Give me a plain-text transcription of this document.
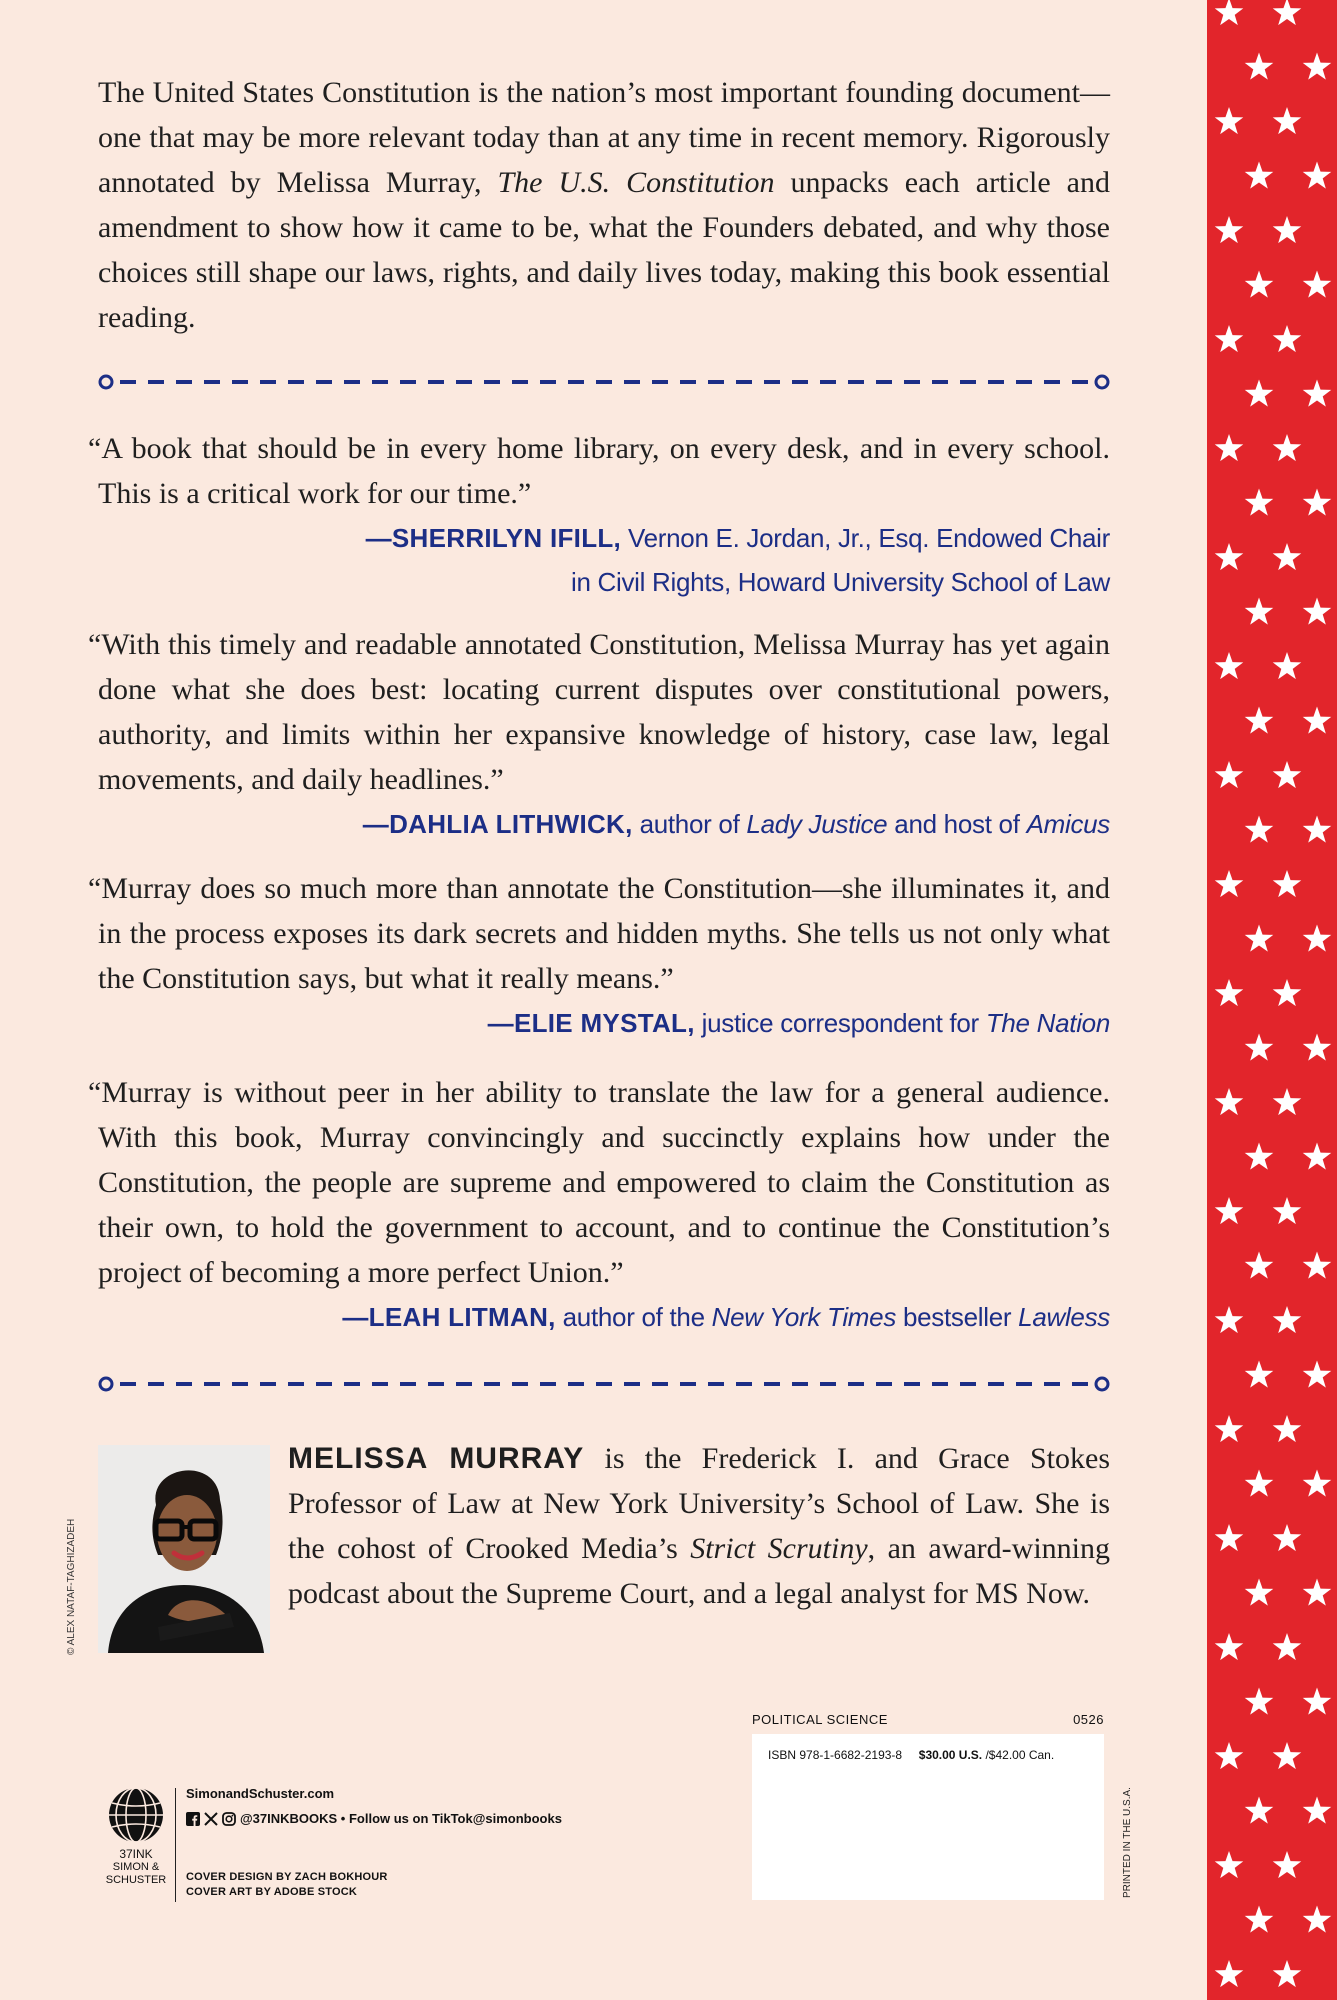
The United States Constitution is the nation’s most important founding document—one that may be more relevant today than at any time in recent memory. Rigorously annotated by Melissa Murray, The U.S. Constitution unpacks each article and amendment to show how it came to be, what the Founders debated, and why those choices still shape our laws, rights, and daily lives today, making this book essential reading.
“A book that should be in every home library, on every desk, and in every school. This is a critical work for our time.”
—SHERRILYN IFILL, Vernon E. Jordan, Jr., Esq. Endowed Chair
in Civil Rights, Howard University School of Law
“With this timely and readable annotated Constitution, Melissa Murray has yet again done what she does best: locating current disputes over constitutional powers, authority, and limits within her expansive knowledge of history, case law, legal movements, and daily headlines.”
—DAHLIA LITHWICK, author of Lady Justice and host of Amicus
“Murray does so much more than annotate the Constitution—she illuminates it, and in the process exposes its dark secrets and hidden myths. She tells us not only what the Constitution says, but what it really means.”
—ELIE MYSTAL, justice correspondent for The Nation
“Murray is without peer in her ability to translate the law for a general audience. With this book, Murray convincingly and succinctly explains how under the Constitution, the people are supreme and empowered to claim the Constitution as their own, to hold the government to account, and to continue the Constitution’s project of becoming a more perfect Union.”
—LEAH LITMAN, author of the New York Times bestseller Lawless
© ALEX NATAF-TAGHIZADEH
MELISSA MURRAY is the Frederick I. and Grace Stokes Professor of Law at New York University’s School of Law. She is the cohost of Crooked Media’s Strict Scrutiny, an award-winning podcast about the Supreme Court, and a legal analyst for MS Now.
37INK
SIMON &
SCHUSTER
SimonandSchuster.com
@37INKBOOKS • Follow us on TikTok@simonbooks
COVER DESIGN BY ZACH BOKHOUR
COVER ART BY ADOBE STOCK
POLITICAL SCIENCE	0526
ISBN 978-1-6682-2193-8 $30.00 U.S. /$42.00 Can.
PRINTED IN THE U.S.A.
